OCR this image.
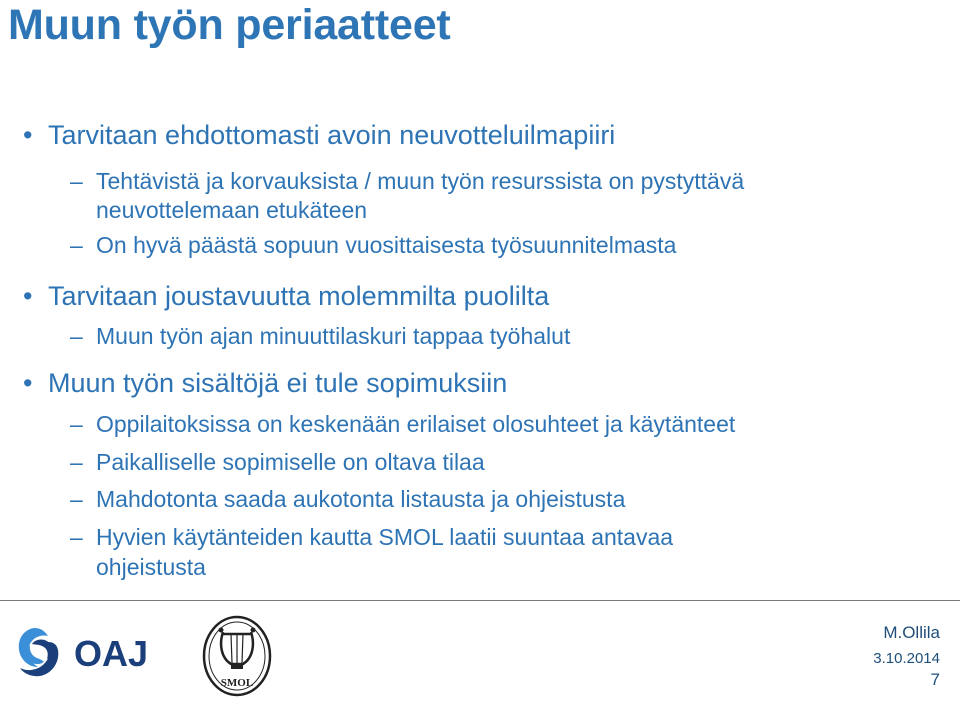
Muun työn periaatteet
• Tarvitaan ehdottomasti avoin neuvotteluilmapiiri
– Tehtävistä ja korvauksista / muun työn resurssista on pystyttävä
neuvottelemaan etukäteen
– On hyvä päästä sopuun vuosittaisesta työsuunnitelmasta
• Tarvitaan joustavuutta molemmilta puolilta
– Muun työn ajan minuuttilaskuri tappaa työhalut
• Muun työn sisältöjä ei tule sopimuksiin
– Oppilaitoksissa on keskenään erilaiset olosuhteet ja käytänteet
– Paikalliselle sopimiselle on oltava tilaa
– Mahdotonta saada aukotonta listausta ja ohjeistusta
– Hyvien käytänteiden kautta SMOL laatii suuntaa antavaa
ohjeistusta
OAJ
SMOL
M.Ollila
3.10.2014
7
